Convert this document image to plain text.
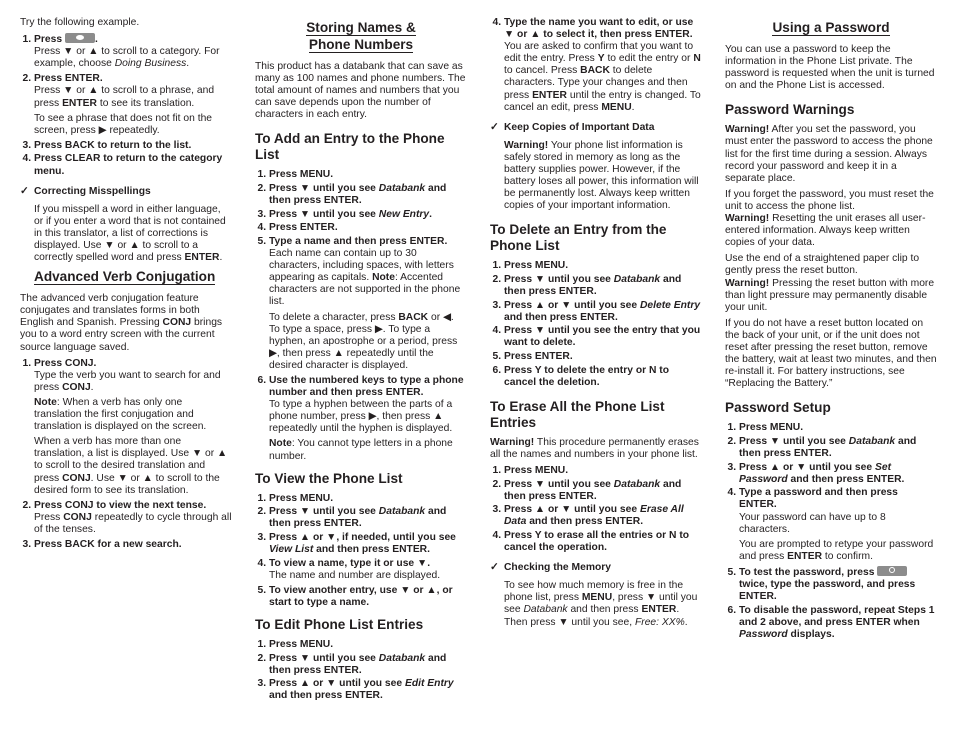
Try the following example.

1. Press	.
Press ▼ or ▲ to scroll to a category. For example, choose Doing Business.
2. Press ENTER.
Press ▼ or ▲ to scroll to a phrase, and press ENTER to see its translation.
To see a phrase that does not fit on the screen, press ▶ repeatedly.
3. Press BACK to return to the list.
4. Press CLEAR to return to the category menu.
✓ Correcting Misspellings

If you misspell a word in either language, or if you enter a word that is not contained in this translator, a list of corrections is displayed. Use ▼ or ▲ to scroll to a correctly spelled word and press ENTER.

Advanced Verb Conjugation

The advanced verb conjugation feature conjugates and translates forms in both English and Spanish. Pressing CONJ brings you to a word entry screen with the current source language saved.

1. Press CONJ.
Type the verb you want to search for and press CONJ.
Note: When a verb has only one translation the first conjugation and translation is displayed on the screen.
When a verb has more than one translation, a list is displayed. Use ▼ or ▲ to scroll to the desired translation and press CONJ. Use ▼ or ▲ to scroll to the desired form to see its translation.
2. Press CONJ to view the next tense.
Press CONJ repeatedly to cycle through all of the tenses.
3. Press BACK for a new search.
Storing Names &
Phone Numbers

This product has a databank that can save as many as 100 names and phone numbers. The total amount of names and numbers that you can save depends upon the number of characters in each entry.

To Add an Entry to the Phone List
1. Press MENU.
2. Press ▼ until you see Databank and then press ENTER.
3. Press ▼ until you see New Entry.
4. Press ENTER.
5. Type a name and then press ENTER.
Each name can contain up to 30 characters, including spaces, with letters appearing as capitals. Note: Accented characters are not supported in the phone list.
To delete a character, press BACK or ◀. To type a space, press ▶. To type a hyphen, an apostrophe or a period, press ▶, then press ▲ repeatedly until the desired character is displayed.
6. Use the numbered keys to type a phone number and then press ENTER.
To type a hyphen between the parts of a phone number, press ▶, then press ▲ repeatedly until the hyphen is displayed.
Note: You cannot type letters in a phone number.
To View the Phone List
1. Press MENU.
2. Press ▼ until you see Databank and then press ENTER.
3. Press ▲ or ▼, if needed, until you see View List and then press ENTER.
4. To view a name, type it or use ▼.
The name and number are displayed.
5. To view another entry, use ▼ or ▲, or start to type a name.
To Edit Phone List Entries
1. Press MENU.
2. Press ▼ until you see Databank and then press ENTER.
3. Press ▲ or ▼ until you see Edit Entry and then press ENTER.
4. Type the name you want to edit, or use ▼ or ▲ to select it, then press ENTER.
You are asked to confirm that you want to edit the entry. Press Y to edit the entry or N to cancel. Press BACK to delete characters. Type your changes and then press ENTER until the entry is changed. To cancel an edit, press MENU.
✓ Keep Copies of Important Data

Warning! Your phone list information is safely stored in memory as long as the battery supplies power. However, if the battery loses all power, this information will be permanently lost. Always keep written copies of your important information.

To Delete an Entry from the Phone List
1. Press MENU.
2. Press ▼ until you see Databank and then press ENTER.
3. Press ▲ or ▼ until you see Delete Entry and then press ENTER.
4. Press ▼ until you see the entry that you want to delete.
5. Press ENTER.
6. Press Y to delete the entry or N to cancel the deletion.
To Erase All the Phone List Entries

Warning! This procedure permanently erases all the names and numbers in your phone list.

1. Press MENU.
2. Press ▼ until you see Databank and then press ENTER.
3. Press ▲ or ▼ until you see Erase All Data and then press ENTER.
4. Press Y to erase all the entries or N to cancel the operation.
✓ Checking the Memory

To see how much memory is free in the phone list, press MENU, press ▼ until you see Databank and then press ENTER. Then press ▼ until you see, Free: XX%.

Using a Password

You can use a password to keep the information in the Phone List private. The password is requested when the unit is turned on and the Phone List is accessed.

Password Warnings

Warning! After you set the password, you must enter the password to access the phone list for the first time during a session. Always record your password and keep it in a separate place.

If you forget the password, you must reset the unit to access the phone list.

Warning! Resetting the unit erases all user-entered information. Always keep written copies of your data.

Use the end of a straightened paper clip to gently press the reset button.

Warning! Pressing the reset button with more than light pressure may permanently disable your unit.

If you do not have a reset button located on the back of your unit, or if the unit does not reset after pressing the reset button, remove the battery, wait at least two minutes, and then re-install it. For battery instructions, see “Replacing the Battery.”

Password Setup
1. Press MENU.
2. Press ▼ until you see Databank and then press ENTER.
3. Press ▲ or ▼ until you see Set Password and then press ENTER.
4. Type a password and then press ENTER.
Your password can have up to 8 characters.
You are prompted to retype your password and press ENTER to confirm.
5. To test the password, press  twice, type the password, and press ENTER.
6. To disable the password, repeat Steps 1 and 2 above, and press ENTER when Password displays.
